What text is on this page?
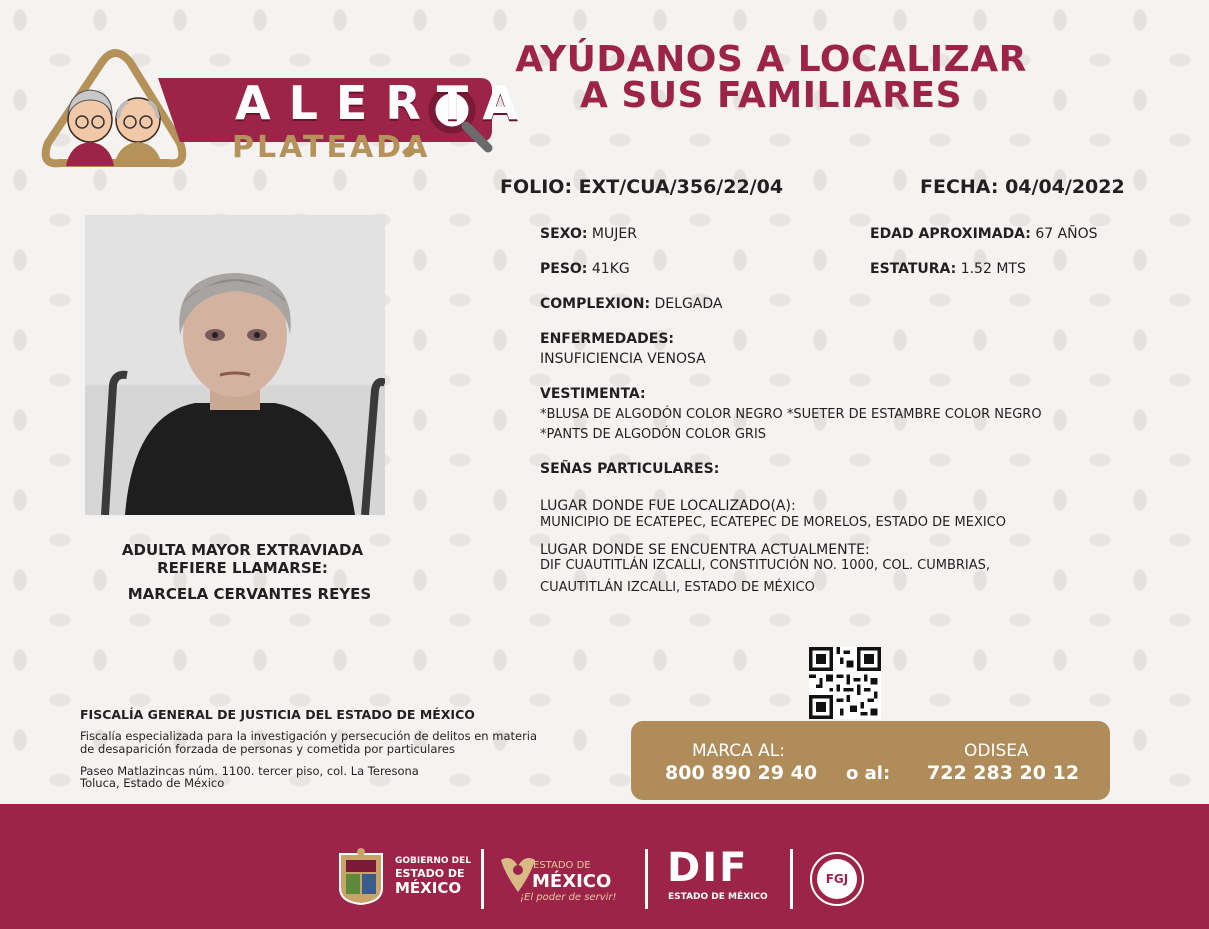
ALERTA
PLATEADA
AYÚDANOS A LOCALIZAR
A SUS FAMILIARES
FOLIO: EXT/CUA/356/22/04	FECHA: 04/04/2022
ADULTA MAYOR EXTRAVIADA
REFIERE LLAMARSE:
MARCELA CERVANTES REYES
SEXO: MUJER	EDAD APROXIMADA: 67 AÑOS
PESO: 41KG	ESTATURA: 1.52 MTS
COMPLEXION: DELGADA
ENFERMEDADES:
INSUFICIENCIA VENOSA
VESTIMENTA:
*BLUSA DE ALGODÓN COLOR NEGRO *SUETER DE ESTAMBRE COLOR NEGRO
*PANTS DE ALGODÓN COLOR GRIS
SEÑAS PARTICULARES:
LUGAR DONDE FUE LOCALIZADO(A):
MUNICIPIO DE ECATEPEC, ECATEPEC DE MORELOS, ESTADO DE MEXICO
LUGAR DONDE SE ENCUENTRA ACTUALMENTE:
DIF CUAUTITLÁN IZCALLI, CONSTITUCIÓN NO. 1000, COL. CUMBRIAS,
CUAUTITLÁN IZCALLI, ESTADO DE MÉXICO
FISCALÍA GENERAL DE JUSTICIA DEL ESTADO DE MÉXICO
Fiscalía especializada para la investigación y persecución de delitos en materia
de desaparición forzada de personas y cometida por particulares
Paseo Matlazincas núm. 1100. tercer piso, col. La Teresona
Toluca, Estado de México
MARCA AL:
800 890 29 40 o al:
ODISEA
722 283 20 12
GOBIERNO DEL
ESTADO DE
MÉXICO
ESTADO DE
MÉXICO
¡El poder de servir!
DIF
ESTADO DE MÉXICO
FGJ
